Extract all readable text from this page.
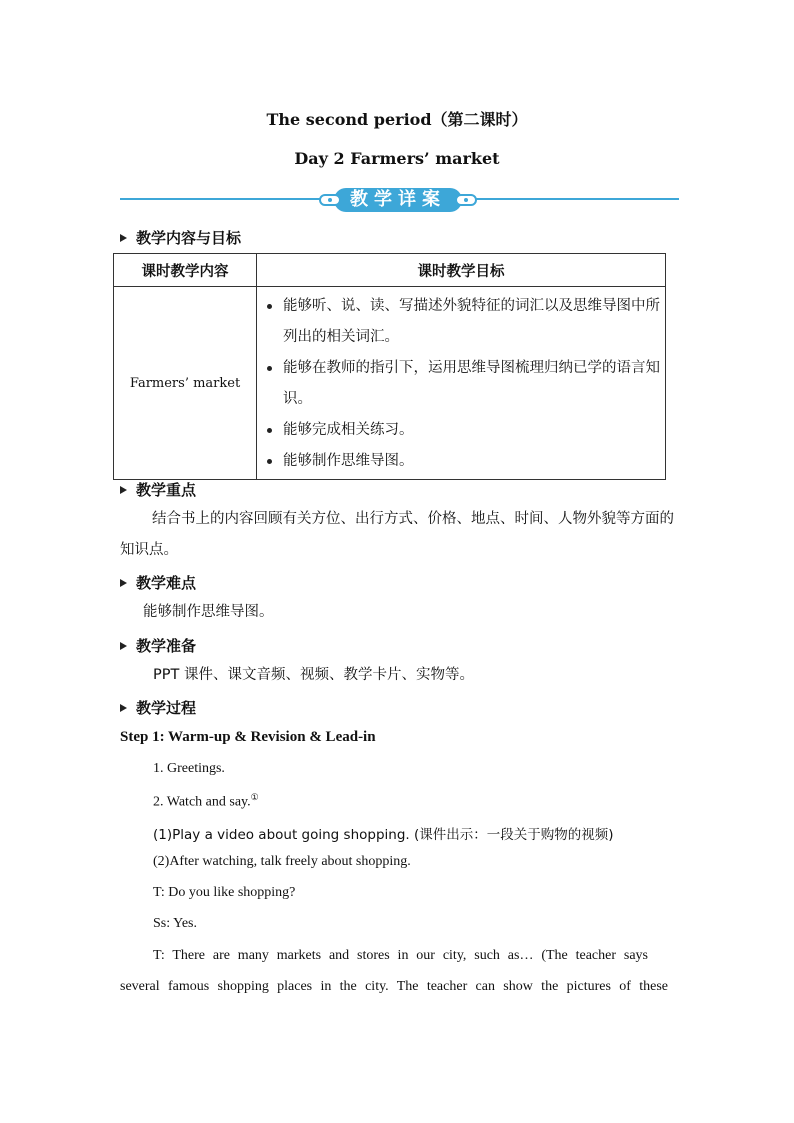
The second period（第二课时）
Day 2 Farmers’ market
教学详案
教学内容与目标
课时教学内容	课时教学目标
Farmers’ market	能够听、说、读、写描述外貌特征的词汇以及思维导图中所列出的相关词汇。
能够在教师的指引下，运用思维导图梳理归纳已学的语言知识。
能够完成相关练习。
能够制作思维导图。
教学重点
结合书上的内容回顾有关方位、出行方式、价格、地点、时间、人物外貌等方面的知识点。
教学难点
能够制作思维导图。
教学准备
PPT 课件、课文音频、视频、教学卡片、实物等。
教学过程
Step 1: Warm-up & Revision & Lead-in
1. Greetings.
2. Watch and say.①
(1)Play a video about going shopping. (课件出示：一段关于购物的视频)
(2)After watching, talk freely about shopping.
T: Do you like shopping?
Ss: Yes.
T: There are many markets and stores in our city, such as… (The teacher says
several famous shopping places in the city. The teacher can show the pictures of these
